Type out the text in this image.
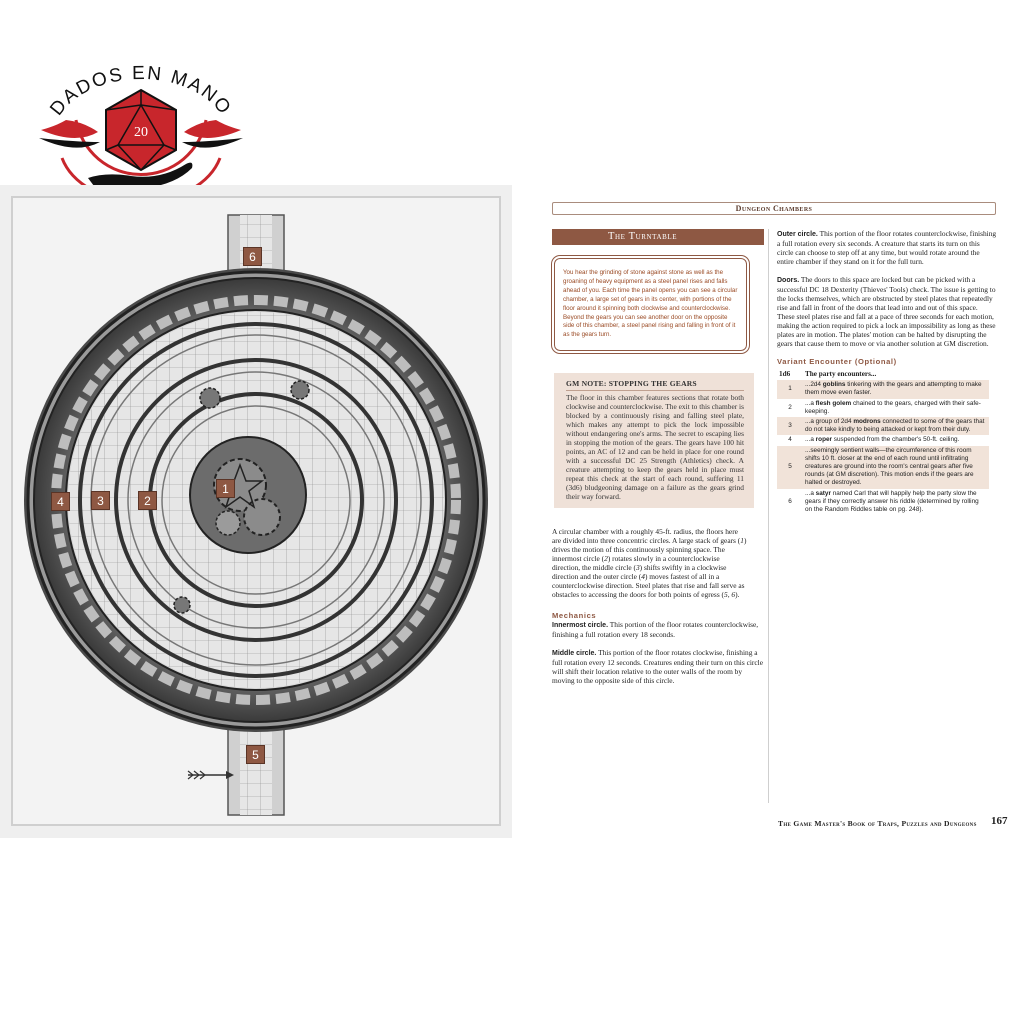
DADOS EN MANO
20
1
2
3
4
5
6
Dungeon Chambers
The Turntable
You hear the grinding of stone against stone as well as the groaning of heavy equipment as a steel panel rises and falls ahead of you. Each time the panel opens you can see a circular chamber, a large set of gears in its center, with portions of the floor around it spinning both clockwise and counterclockwise. Beyond the gears you can see another door on the opposite side of this chamber, a steel panel rising and falling in front of it as the gears turn.
GM NOTE: STOPPING THE GEARS

The floor in this chamber features sections that rotate both clockwise and counterclockwise. The exit to this chamber is blocked by a continuously rising and falling steel plate, which makes any attempt to pick the lock impossible without endangering one's arms. The secret to escaping lies in stopping the motion of the gears. The gears have 100 hit points, an AC of 12 and can be held in place for one round with a successful DC 25 Strength (Athletics) check. A creature attempting to keep the gears held in place must repeat this check at the start of each round, suffering 11 (3d6) bludgeoning damage on a failure as the gears grind their way forward.

A circular chamber with a roughly 45-ft. radius, the floors here are divided into three concentric circles. A large stack of gears (1) drives the motion of this continuously spinning space. The innermost circle (2) rotates slowly in a counterclockwise direction, the middle circle (3) shifts swiftly in a clockwise direction and the outer circle (4) moves fastest of all in a counterclockwise direction. Steel plates that rise and fall serve as obstacles to accessing the doors for both points of egress (5, 6).

Mechanics

Innermost circle. This portion of the floor rotates counterclockwise, finishing a full rotation every 18 seconds.

Middle circle. This portion of the floor rotates clockwise, finishing a full rotation every 12 seconds. Creatures ending their turn on this circle will shift their location relative to the outer walls of the room by moving to the opposite side of this circle.

Outer circle. This portion of the floor rotates counterclockwise, finishing a full rotation every six seconds. A creature that starts its turn on this circle can choose to step off at any time, but would rotate around the entire chamber if they stand on it for the full turn.

Doors. The doors to this space are locked but can be picked with a successful DC 18 Dexterity (Thieves' Tools) check. The issue is getting to the locks themselves, which are obstructed by steel plates that repeatedly rise and fall in front of the doors that lead into and out of this space. These steel plates rise and fall at a pace of three seconds for each motion, making the action required to pick a lock an impossibility as long as these plates are in motion. The plates' motion can be halted by disrupting the gears that cause them to move or via another solution at GM discretion.

Variant Encounter (Optional)
1d6	The party encounters...
1	...2d4 goblins tinkering with the gears and attempting to make them move even faster.
2	...a flesh golem chained to the gears, charged with their safe-keeping.
3	...a group of 2d4 modrons connected to some of the gears that do not take kindly to being attacked or kept from their duty.
4	...a roper suspended from the chamber's 50-ft. ceiling.
5	...seemingly sentient walls—the circumference of this room shifts 10 ft. closer at the end of each round until infiltrating creatures are ground into the room's central gears after five rounds (at GM discretion). This motion ends if the gears are halted or destroyed.
6	...a satyr named Carl that will happily help the party slow the gears if they correctly answer his riddle (determined by rolling on the Random Riddles table on pg. 248).
The Game Master's Book of Traps, Puzzles and Dungeons 167
